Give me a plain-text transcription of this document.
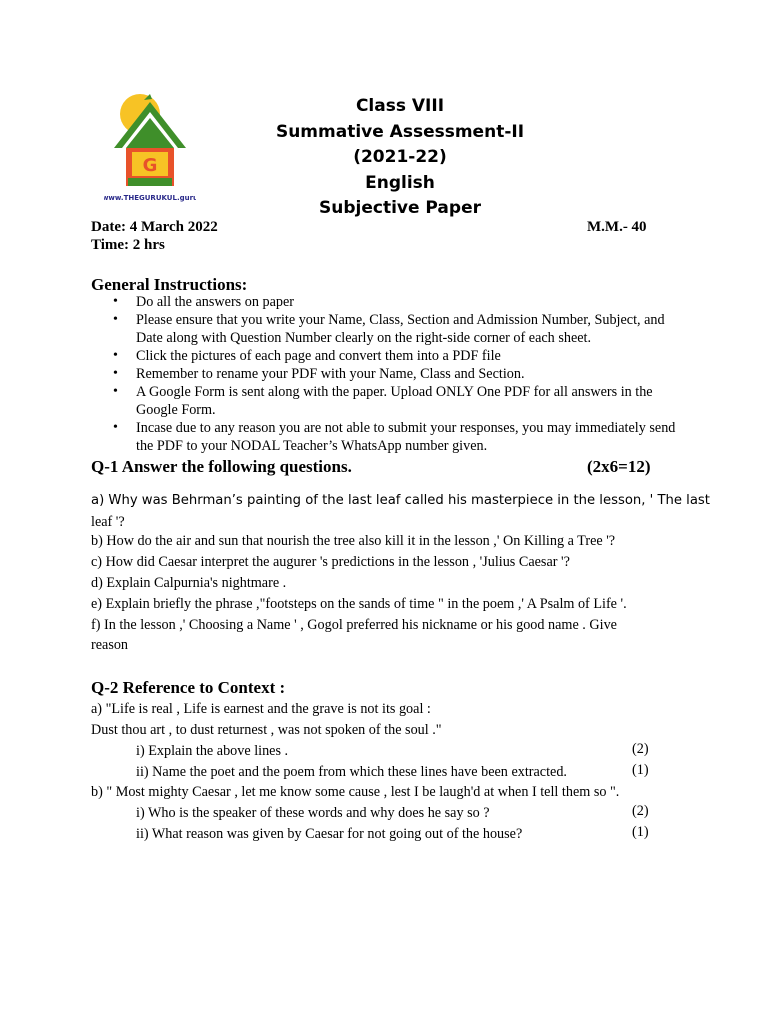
G
www.THEGURUKUL.guru
Class VIII
Summative Assessment-II
(2021-22)
English
Subjective Paper
Date: 4 March 2022	M.M.- 40
Time: 2 hrs
General Instructions:
• Do all the answers on paper
• Please ensure that you write your Name, Class, Section and Admission Number, Subject, and Date along with Question Number clearly on the right-side corner of each sheet.
• Click the pictures of each page and convert them into a PDF file
• Remember to rename your PDF with your Name, Class and Section.
• A Google Form is sent along with the paper. Upload ONLY One PDF for all answers in the Google Form.
• Incase due to any reason you are not able to submit your responses, you may immediately send the PDF to your NODAL Teacher’s WhatsApp number given.
Q-1 Answer the following questions.	(2x6=12)
a) Why was Behrman’s painting of the last leaf called his masterpiece in the lesson, ' The last
leaf '?
b) How do the air and sun that nourish the tree also kill it in the lesson ,' On Killing a Tree '?
c) How did Caesar interpret the augurer 's predictions in the lesson , 'Julius Caesar '?
d) Explain Calpurnia's nightmare .
e) Explain briefly the phrase ,"footsteps on the sands of time " in the poem ,' A Psalm of Life '.
f) In the lesson ,' Choosing a Name ' , Gogol preferred his nickname or his good name . Give
reason
Q-2 Reference to Context :
a) "Life is real , Life is earnest and the grave is not its goal :
Dust thou art , to dust returnest , was not spoken of the soul ."
i) Explain the above lines .	(2)
ii) Name the poet and the poem from which these lines have been extracted.	(1)
b) " Most mighty Caesar , let me know some cause , lest I be laugh'd at when I tell them so ".
i) Who is the speaker of these words and why does he say so ?	(2)
ii) What reason was given by Caesar for not going out of the house?	(1)
